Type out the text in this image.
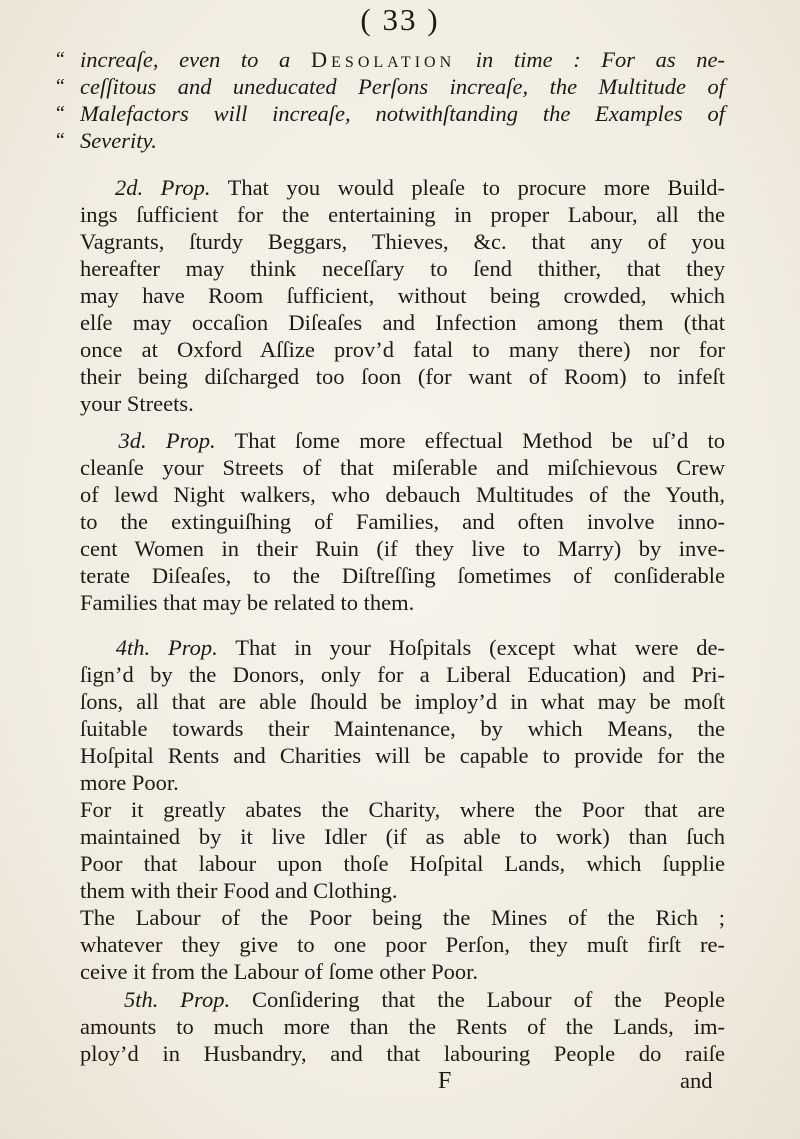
( 33 )
“ increaſe, even to a Desolation in time : For as ne-
“ ceſſitous and uneducated Perſons increaſe, the Multitude of
“ Malefactors will increaſe, notwithſtanding the Examples of
“ Severity.
2d. Prop. That you would pleaſe to procure more Build-
ings ſufficient for the entertaining in proper Labour, all the
Vagrants, ſturdy Beggars, Thieves, &c. that any of you
hereafter may think neceſſary to ſend thither, that they
may have Room ſufficient, without being crowded, which
elſe may occaſion Diſeaſes and Infection among them (that
once at Oxford Aſſize prov’d fatal to many there) nor for
their being diſcharged too ſoon (for want of Room) to infeſt
your Streets.
3d. Prop. That ſome more effectual Method be uſ’d to
cleanſe your Streets of that miſerable and miſchievous Crew
of lewd Night walkers, who debauch Multitudes of the Youth,
to the extinguiſhing of Families, and often involve inno-
cent Women in their Ruin (if they live to Marry) by inve-
terate Diſeaſes, to the Diſtreſſing ſometimes of conſiderable
Families that may be related to them.
4th. Prop. That in your Hoſpitals (except what were de-
ſign’d by the Donors, only for a Liberal Education) and Pri-
ſons, all that are able ſhould be imploy’d in what may be moſt
ſuitable towards their Maintenance, by which Means, the
Hoſpital Rents and Charities will be capable to provide for the
more Poor.
For it greatly abates the Charity, where the Poor that are
maintained by it live Idler (if as able to work) than ſuch
Poor that labour upon thoſe Hoſpital Lands, which ſupplie
them with their Food and Clothing.
The Labour of the Poor being the Mines of the Rich ;
whatever they give to one poor Perſon, they muſt firſt re-
ceive it from the Labour of ſome other Poor.
5th. Prop. Conſidering that the Labour of the People
amounts to much more than the Rents of the Lands, im-
ploy’d in Husbandry, and that labouring People do raiſe
F	and
